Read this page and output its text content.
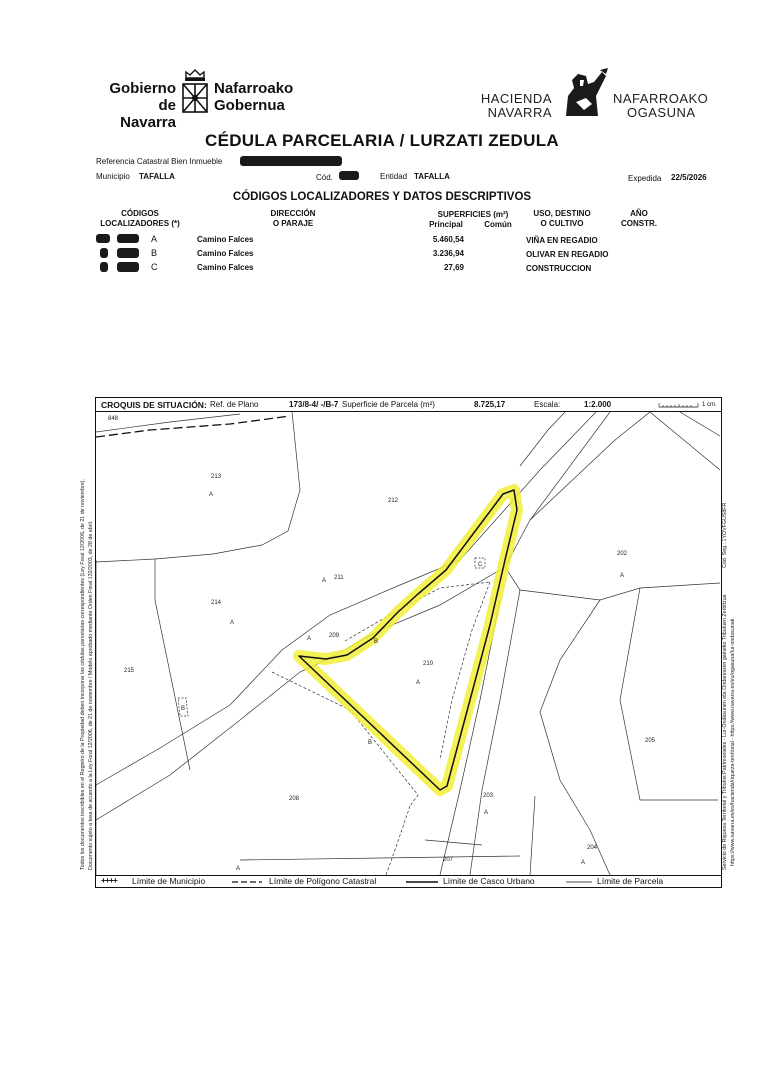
Gobierno
de Navarra
Nafarroako
Gobernua	HACIENDA
NAVARRA
NAFARROAKO
OGASUNA
CÉDULA PARCELARIA / LURZATI ZEDULA
Referencia Catastral Bien Inmueble
Municipio TAFALLA	Cód.	Entidad TAFALLA	Expedida 22/5/2026
CÓDIGOS LOCALIZADORES Y DATOS DESCRIPTIVOS
CÓDIGOS
LOCALIZADORES (*)
DIRECCIÓN
O PARAJE
SUPERFICIES (m²)
Principal	Común
USO, DESTINO
O CULTIVO
AÑO
CONSTR.
A	Camino Falces	5.460,54	VIÑA EN REGADIO
B	Camino Falces	3.236,94	OLIVAR EN REGADIO
C	Camino Falces	27,69	CONSTRUCCION
CROQUIS DE SITUACIÓN: Ref. de Plano	173/8-4/ -/B-7 Superficie de Parcela (m²)	8.725,17	Escala:	1:2.000	1 cm.
848
213
212
202
211
214
209
210
215
205
208	203
207
204
A
A
A
A
A
A
A
A
A
B
B
B
C
++++ Límite de Municipio	Límite de Polígono Catastral	Límite de Casco Urbano	Límite de Parcela
Todos los documentos inscribibles en el Registro de la Propiedad deben incorporar las cédulas parcelarias correspondientes (Ley Foral 12/2006, de 21 de noviembre). Documento sujeto a tasa de acuerdo a la Ley Foral 12/2006, de 21 de noviembre / Modelo aprobado mediante Orden Foral 132/2003, de 28 de abril.	Servicio de Riqueza Territorial y Tributos Patrimoniales - Lur-Ondasunen eta Ondarearen gaineko Tributuen Zerbitzua https://www.navarra.es/es/hacienda/riqueza-territorial - https://www.navarra.es/eu/ogasuna/lur-ondasunak
Cód. Seg.: 1YOVFGUS8FR
